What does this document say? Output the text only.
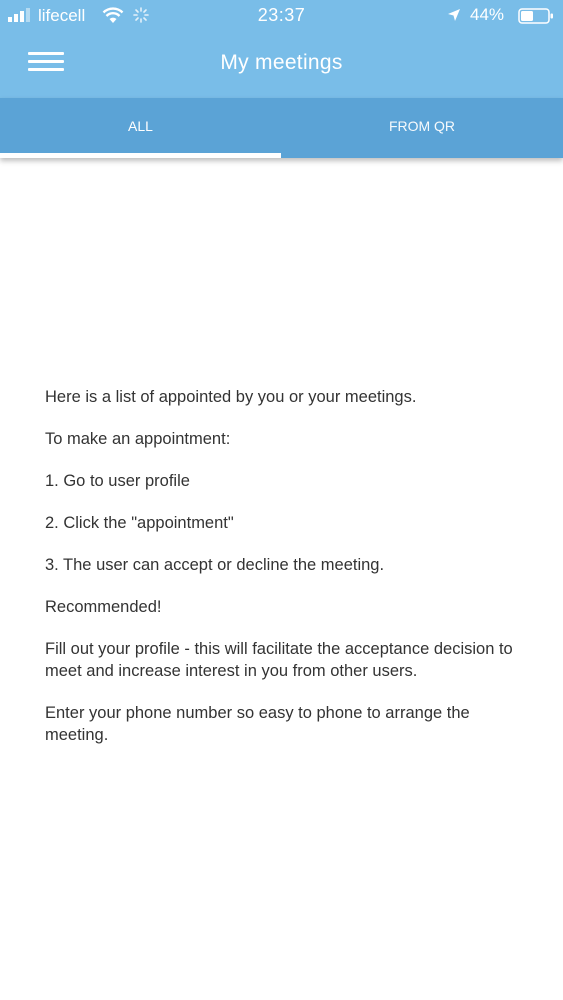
lifecell	23:37	44%
My meetings
ALL	FROM QR

Here is a list of appointed by you or your meetings.

To make an appointment:

1. Go to user profile

2. Click the "appointment"

3. The user can accept or decline the meeting.

Recommended!

Fill out your profile - this will facilitate the acceptance decision to meet and increase interest in you from other users.

Enter your phone number so easy to phone to arrange the meeting.
